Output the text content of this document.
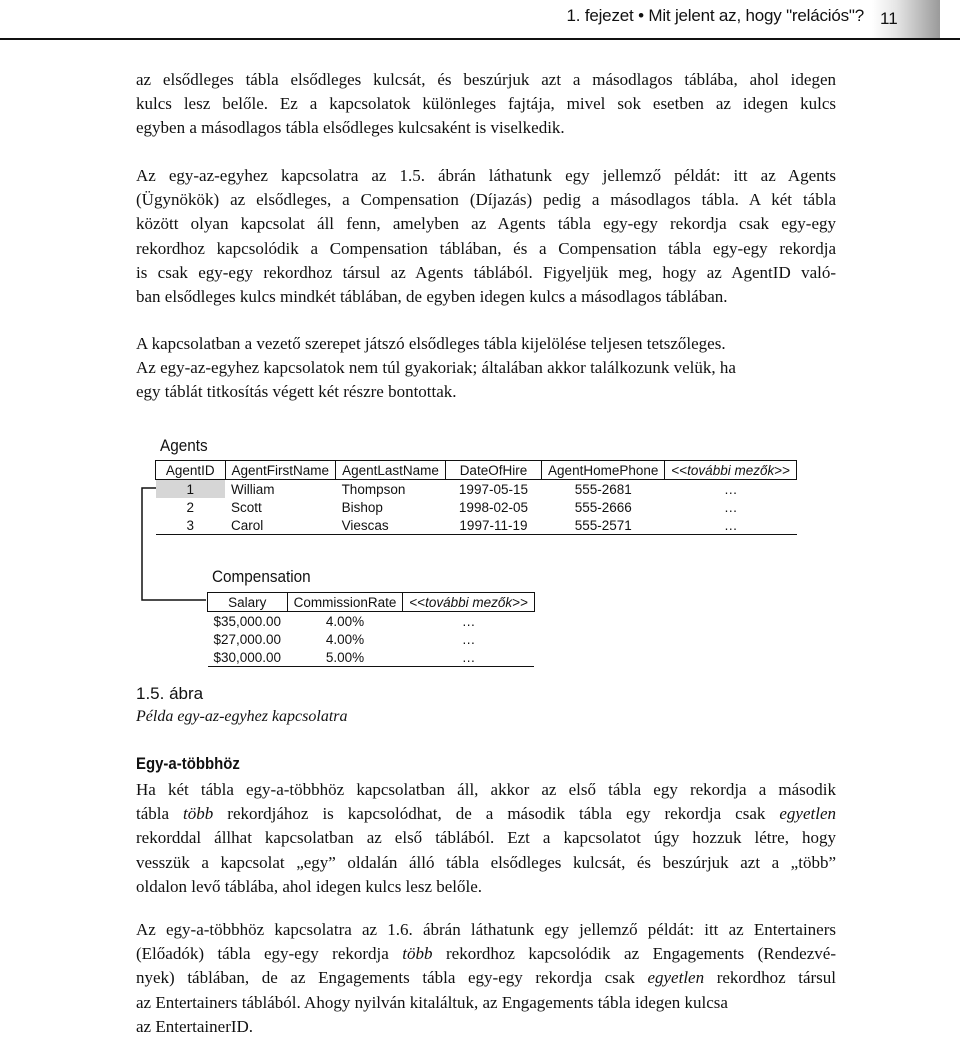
1. fejezet • Mit jelent az, hogy "relációs"? 11
az elsődleges tábla elsődleges kulcsát, és beszúrjuk azt a másodlagos táblába, ahol idegen
kulcs lesz belőle. Ez a kapcsolatok különleges fajtája, mivel sok esetben az idegen kulcs
egyben a másodlagos tábla elsődleges kulcsaként is viselkedik.
Az egy-az-egyhez kapcsolatra az 1.5. ábrán láthatunk egy jellemző példát: itt az Agents
(Ügynökök) az elsődleges, a Compensation (Díjazás) pedig a másodlagos tábla. A két tábla
között olyan kapcsolat áll fenn, amelyben az Agents tábla egy-egy rekordja csak egy-egy
rekordhoz kapcsolódik a Compensation táblában, és a Compensation tábla egy-egy rekordja
is csak egy-egy rekordhoz társul az Agents táblából. Figyeljük meg, hogy az AgentID való-
ban elsődleges kulcs mindkét táblában, de egyben idegen kulcs a másodlagos táblában.
A kapcsolatban a vezető szerepet játszó elsődleges tábla kijelölése teljesen tetszőleges.
Az egy-az-egyhez kapcsolatok nem túl gyakoriak; általában akkor találkozunk velük, ha
egy táblát titkosítás végett két részre bontottak.
Agents
AgentID	AgentFirstName	AgentLastName	DateOfHire	AgentHomePhone	<<további mezők>>
1	William	Thompson	1997-05-15	555-2681	…
2	Scott	Bishop	1998-02-05	555-2666	…
3	Carol	Viescas	1997-11-19	555-2571	…
Compensation
Salary	CommissionRate	<<további mezők>>
$35,000.00	4.00%	…
$27,000.00	4.00%	…
$30,000.00	5.00%	…
1.5. ábra
Példa egy-az-egyhez kapcsolatra
Egy-a-többhöz
Ha két tábla egy-a-többhöz kapcsolatban áll, akkor az első tábla egy rekordja a második
tábla több rekordjához is kapcsolódhat, de a második tábla egy rekordja csak egyetlen
rekorddal állhat kapcsolatban az első táblából. Ezt a kapcsolatot úgy hozzuk létre, hogy
vesszük a kapcsolat „egy” oldalán álló tábla elsődleges kulcsát, és beszúrjuk azt a „több”
oldalon levő táblába, ahol idegen kulcs lesz belőle.
Az egy-a-többhöz kapcsolatra az 1.6. ábrán láthatunk egy jellemző példát: itt az Entertainers
(Előadók) tábla egy-egy rekordja több rekordhoz kapcsolódik az Engagements (Rendezvé-
nyek) táblában, de az Engagements tábla egy-egy rekordja csak egyetlen rekordhoz társul
az Entertainers táblából. Ahogy nyilván kitaláltuk, az Engagements tábla idegen kulcsa
az EntertainerID.
